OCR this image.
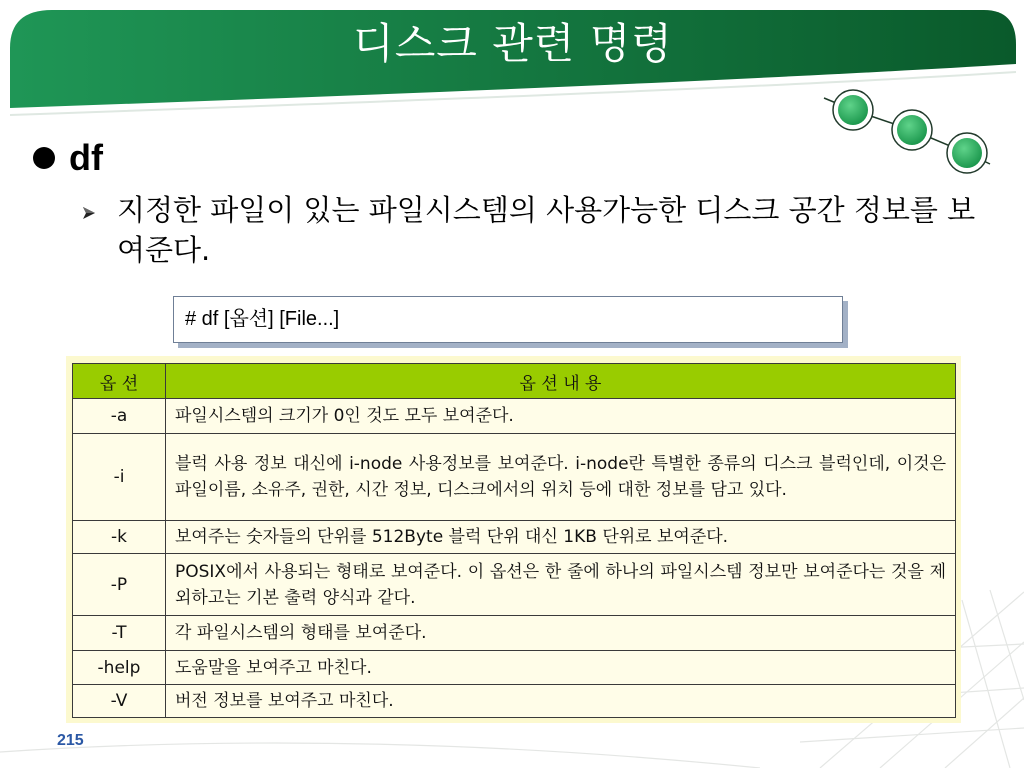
디스크 관련 명령
df
지정한 파일이 있는 파일시스템의 사용가능한 디스크 공간 정보를 보여준다.
# df [옵션] [File...]
옵 션	옵 션 내 용
-a	파일시스템의 크기가 0인 것도 모두 보여준다.
-i	블럭 사용 정보 대신에 i-node 사용정보를 보여준다. i-node란 특별한 종류의 디스크 블럭인데, 이것은 파일이름, 소유주, 권한, 시간 정보, 디스크에서의 위치 등에 대한 정보를 담고 있다.
-k	보여주는 숫자들의 단위를 512Byte 블럭 단위 대신 1KB 단위로 보여준다.
-P	POSIX에서 사용되는 형태로 보여준다. 이 옵션은 한 줄에 하나의 파일시스템 정보만 보여준다는 것을 제외하고는 기본 출력 양식과 같다.
-T	각 파일시스템의 형태를 보여준다.
-help	도움말을 보여주고 마친다.
-V	버전 정보를 보여주고 마친다.
215
